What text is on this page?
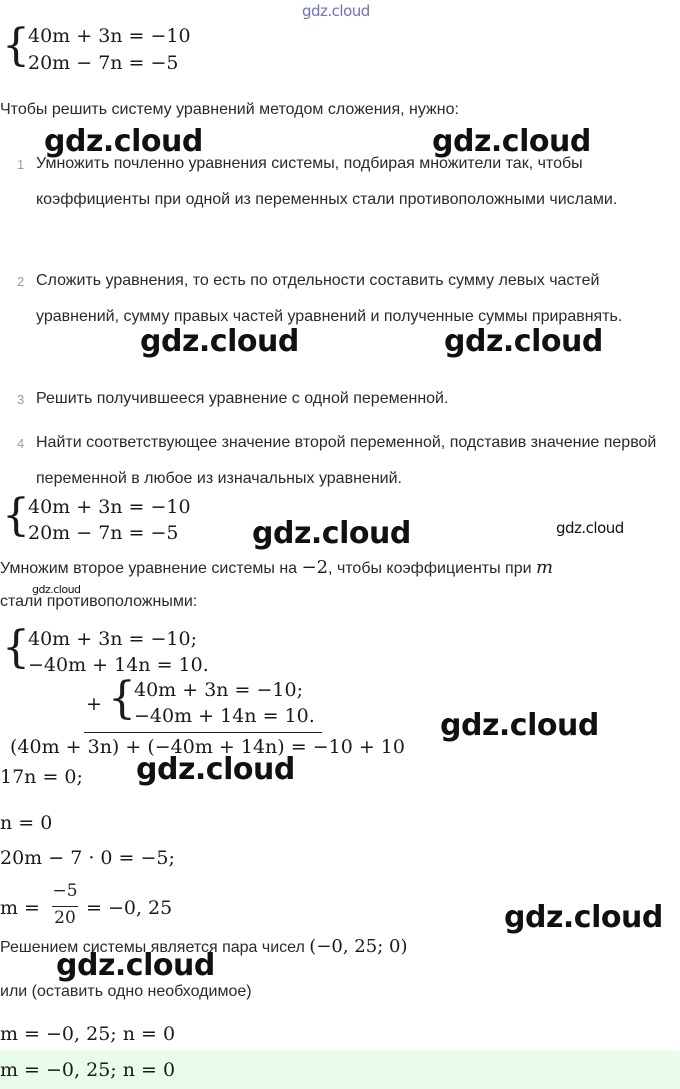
gdz.cloud
{
40m + 3n = −10
20m − 7n = −5
Чтобы решить систему уравнений методом сложения, нужно:
gdz.cloud	gdz.cloud
1 Умножить почленно уравнения системы, подбирая множители так, чтобы коэффициенты при одной из переменных стали противоположными числами.
2 Сложить уравнения, то есть по отдельности составить сумму левых частей уравнений, сумму правых частей уравнений и полученные суммы приравнять.
gdz.cloud	gdz.cloud
3 Решить получившееся уравнение с одной переменной.
4 Найти соответствующее значение второй переменной, подставив значение первой переменной в любое из изначальных уравнений.
{
40m + 3n = −10
20m − 7n = −5 gdz.cloud	gdz.cloud
Умножим второе уравнение системы на −2, чтобы коэффициенты при m
gdz.cloud
стали противоположными:
{
40m + 3n = −10;
−40m + 14n = 10.
+ {
40m + 3n = −10;
−40m + 14n = 10.
(40m + 3n) + (−40m + 14n) = −10 + 10
gdz.cloud
17n = 0; gdz.cloud
n = 0
20m − 7 · 0 = −5;
m =
−5
20 = −0, 25	gdz.cloud
Решением системы является пара чисел (−0, 25; 0)
gdz.cloud
или (оставить одно необходимое)
m = −0, 25; n = 0
m = −0, 25; n = 0
